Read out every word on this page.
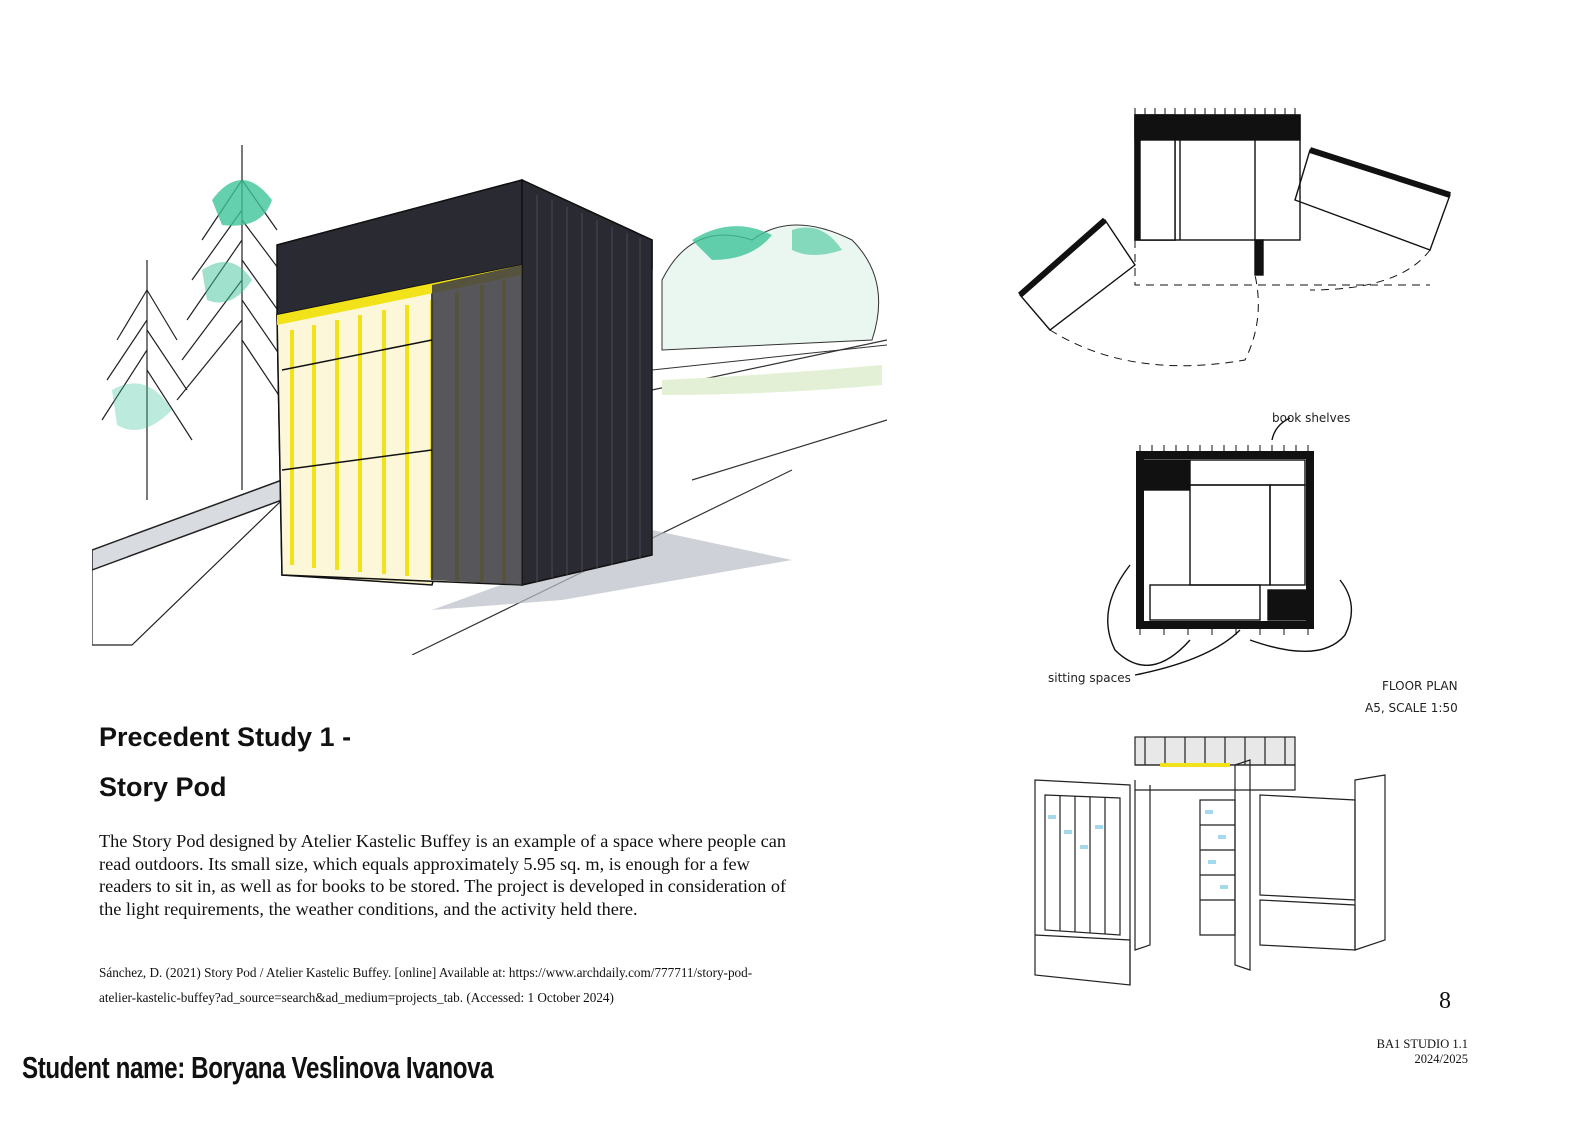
book shelves
sitting spaces
FLOOR PLAN
A5, SCALE 1:50
Precedent Study 1 -
Story Pod

The Story Pod designed by Atelier Kastelic Buffey is an example of a space where people can read outdoors. Its small size, which equals approximately 5.95 sq. m, is enough for a few readers to sit in, as well as for books to be stored. The project is developed in consideration of the light requirements, the weather conditions, and the activity held there.

Sánchez, D. (2021) Story Pod / Atelier Kastelic Buffey. [online] Available at: https://www.archdaily.com/777711/story-pod-atelier-kastelic-buffey?ad_source=search&ad_medium=projects_tab. (Accessed: 1 October 2024)	8

BA1 STUDIO 1.1
2024/2025

Student name: Boryana Veslinova Ivanova
